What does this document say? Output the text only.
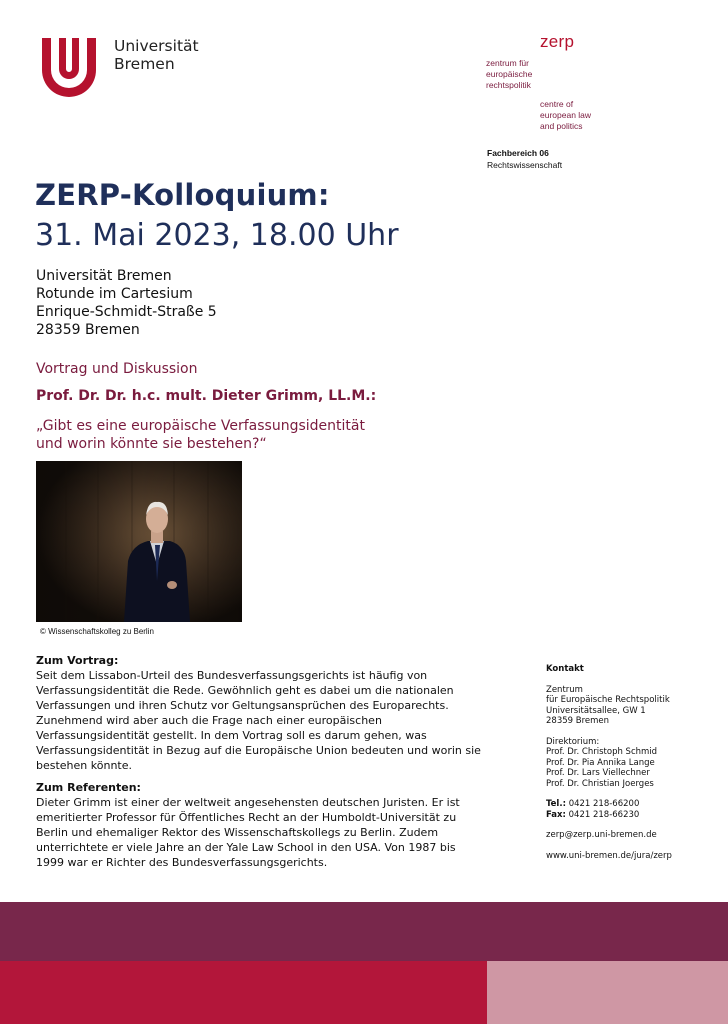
Universität
Bremen
zerp
zentrum für
europäische
rechtspolitik
centre of
european law
and politics
Fachbereich 06
Rechtswissenschaft
ZERP-Kolloquium:
31. Mai 2023, 18.00 Uhr
Universität Bremen
Rotunde im Cartesium
Enrique-Schmidt-Straße 5
28359 Bremen
Vortrag und Diskussion
Prof. Dr. Dr. h.c. mult. Dieter Grimm, LL.M.:
„Gibt es eine europäische Verfassungsidentität
und worin könnte sie bestehen?“
© Wissenschaftskolleg zu Berlin
Zum Vortrag:
Seit dem Lissabon-Urteil des Bundesverfassungsgerichts ist häufig von Verfassungsidentität die Rede. Gewöhnlich geht es dabei um die nationalen Verfassungen und ihren Schutz vor Geltungsansprüchen des Europarechts. Zunehmend wird aber auch die Frage nach einer europäischen Verfassungsidentität gestellt. In dem Vortrag soll es darum gehen, was Verfassungsidentität in Bezug auf die Europäische Union bedeuten und worin sie bestehen könnte.
Zum Referenten:
Dieter Grimm ist einer der weltweit angesehensten deutschen Juristen. Er ist emeritierter Professor für Öffentliches Recht an der Humboldt-Universität zu Berlin und ehemaliger Rektor des Wissenschaftskollegs zu Berlin. Zudem unterrichtete er viele Jahre an der Yale Law School in den USA. Von 1987 bis 1999 war er Richter des Bundesverfassungsgerichts.
Kontakt
Zentrum
für Europäische Rechtspolitik
Universitätsallee, GW 1
28359 Bremen
Direktorium:
Prof. Dr. Christoph Schmid
Prof. Dr. Pia Annika Lange
Prof. Dr. Lars Viellechner
Prof. Dr. Christian Joerges
Tel.: 0421 218-66200
Fax: 0421 218-66230
zerp@zerp.uni-bremen.de
www.uni-bremen.de/jura/zerp
